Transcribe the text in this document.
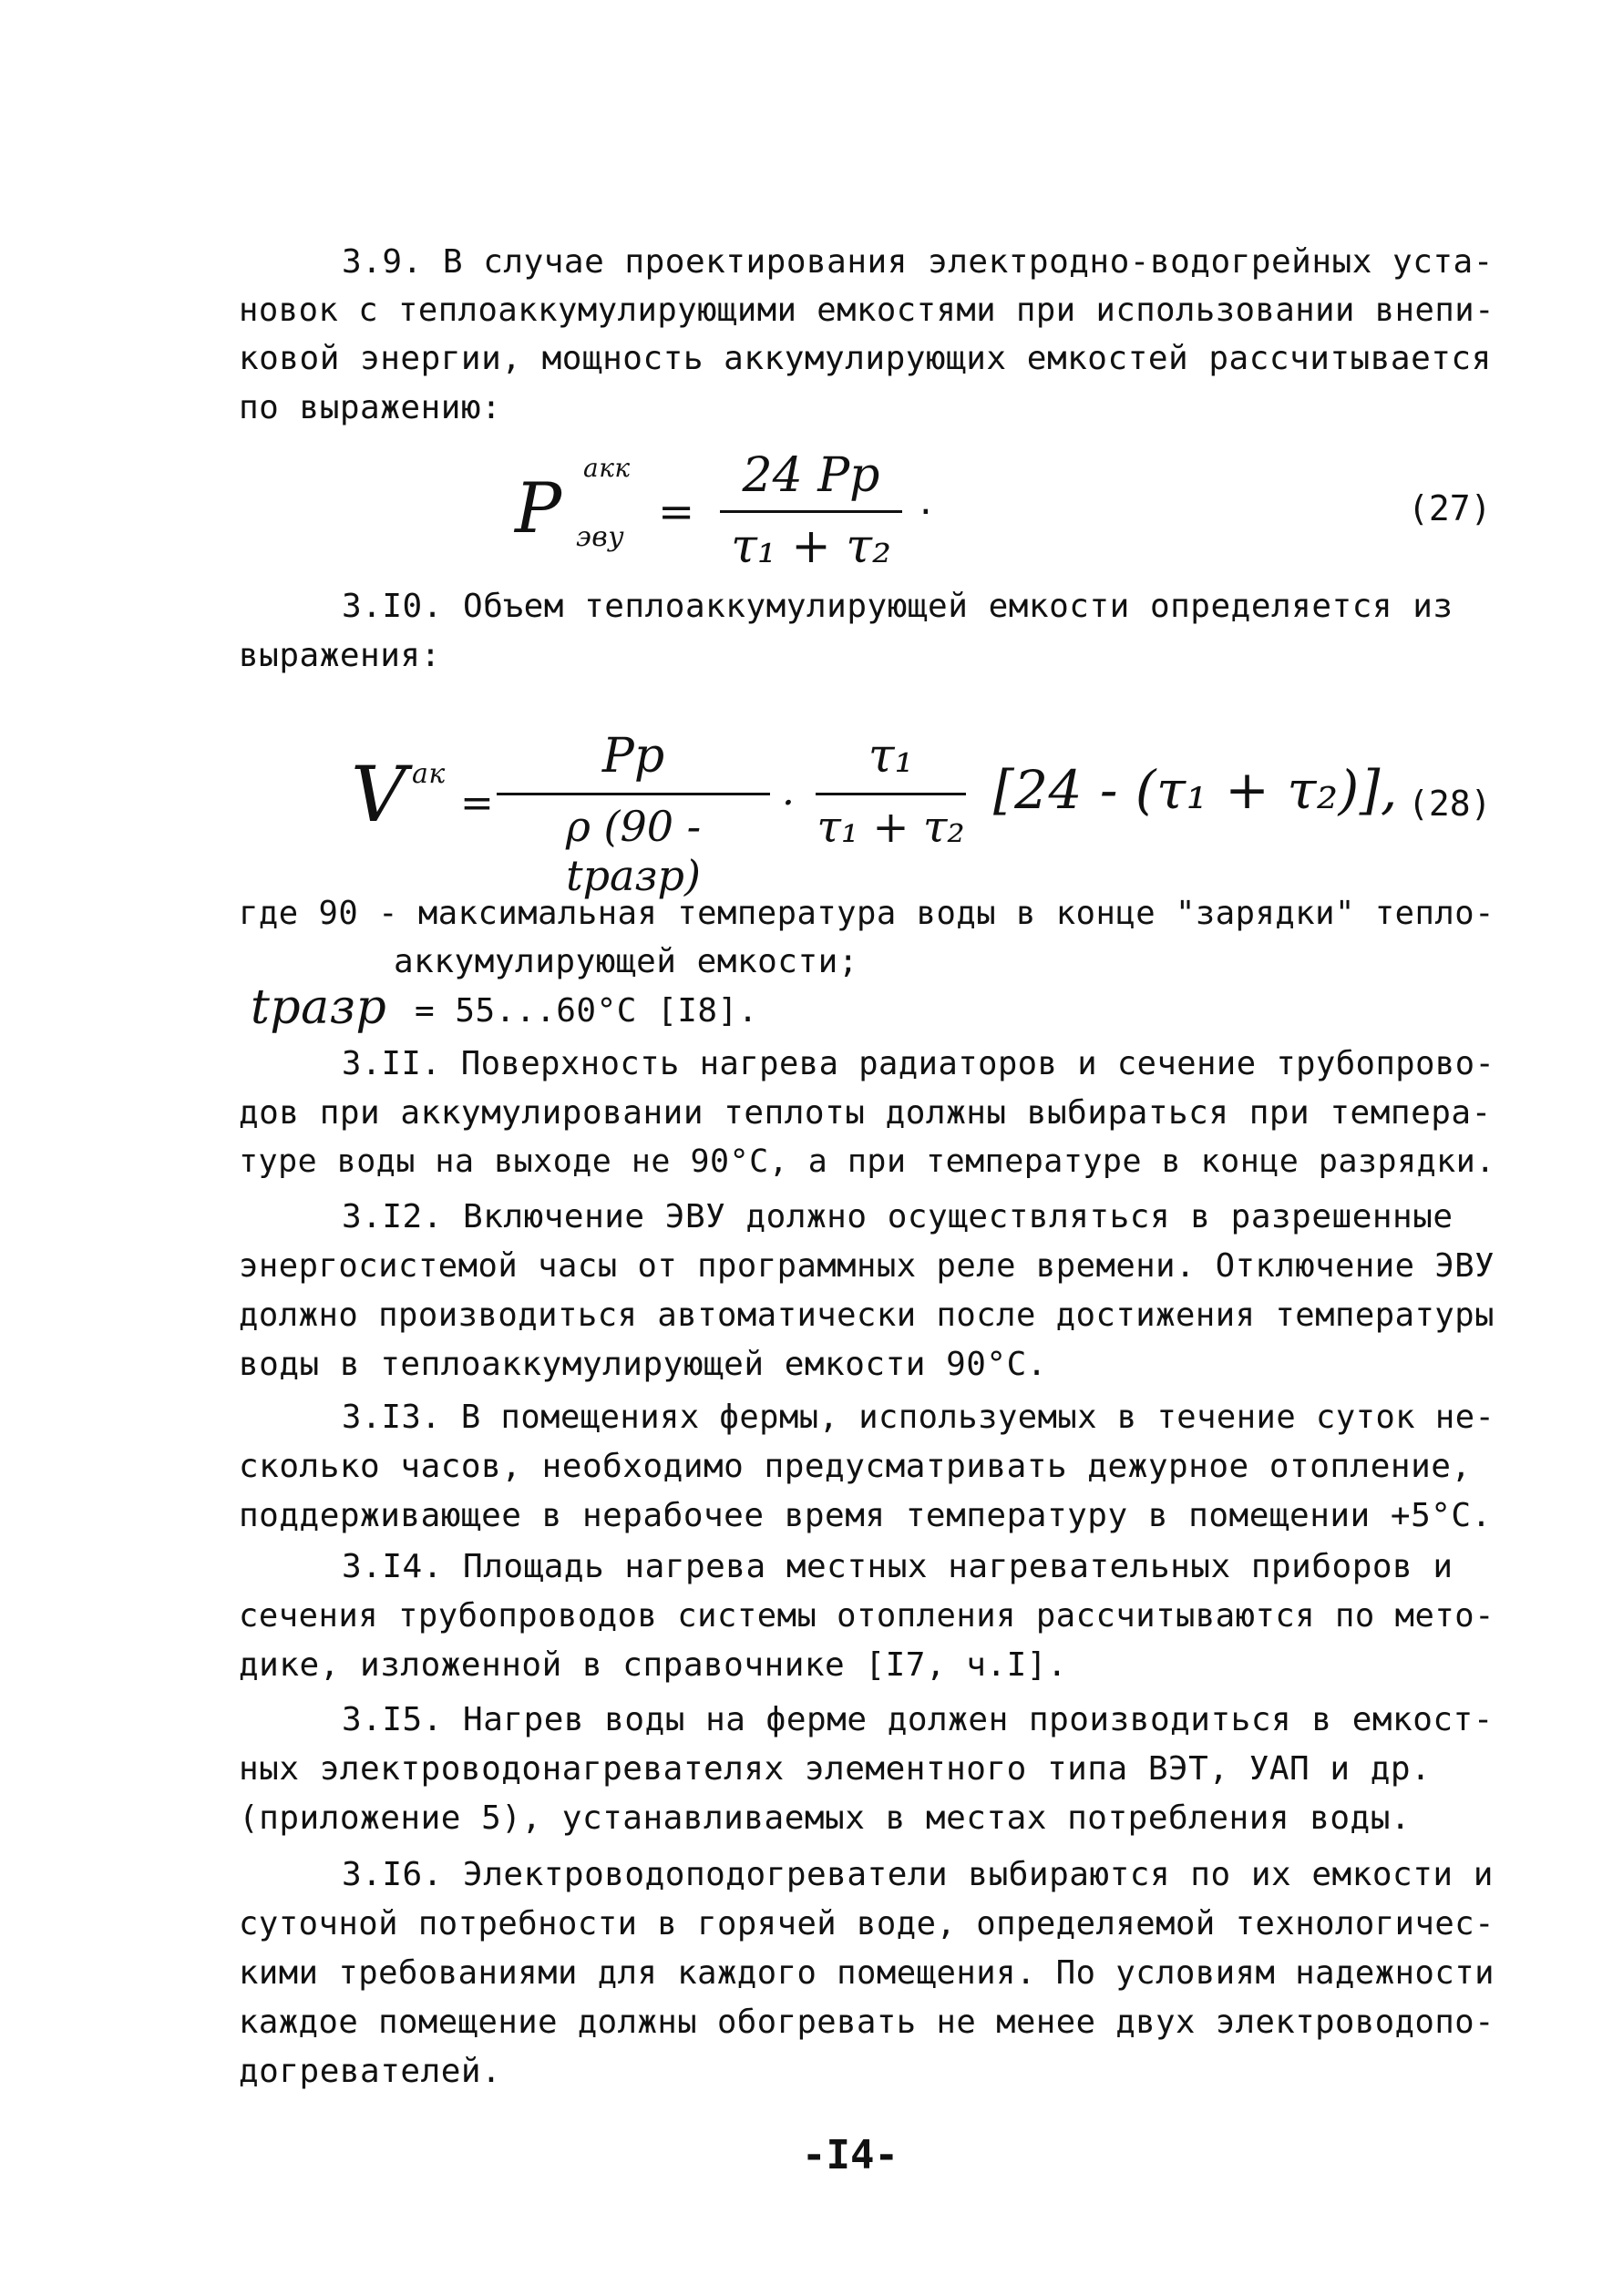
3.9. В случае проектирования электродно-водогрейных уста-
новок с теплоаккумулирующими емкостями при использовании внепи-
ковой энергии, мощность аккумулирующих емкостей рассчитывается
по выражению:
P акк
эву =
24 Pр
τ₁ + τ₂
.	(27)
3.I0. Объем теплоаккумулирующей емкости определяется из
выражения:
V ак
=
Pр
ρ (90 - tразр)
·
τ₁
τ₁ + τ₂
[24 - (τ₁ + τ₂)], (28)
где 90 - максимальная температура воды в конце "зарядки" тепло-
аккумулирующей емкости;
tразр = 55...60°С [I8].
3.II. Поверхность нагрева радиаторов и сечение трубопрово-
дов при аккумулировании теплоты должны выбираться при темпера-
туре воды на выходе не 90°С, а при температуре в конце разрядки.
3.I2. Включение ЭВУ должно осуществляться в разрешенные
энергосистемой часы от программных реле времени. Отключение ЭВУ
должно производиться автоматически после достижения температуры
воды в теплоаккумулирующей емкости 90°С.
3.I3. В помещениях фермы, используемых в течение суток не-
сколько часов, необходимо предусматривать дежурное отопление,
поддерживающее в нерабочее время температуру в помещении +5°С.
3.I4. Площадь нагрева местных нагревательных приборов и
сечения трубопроводов системы отопления рассчитываются по мето-
дике, изложенной в справочнике [I7, ч.I].
3.I5. Нагрев воды на ферме должен производиться в емкост-
ных электроводонагревателях элементного типа ВЭТ, УАП и др.
(приложение 5), устанавливаемых в местах потребления воды.
3.I6. Электроводоподогреватели выбираются по их емкости и
суточной потребности в горячей воде, определяемой технологичес-
кими требованиями для каждого помещения. По условиям надежности
каждое помещение должны обогревать не менее двух электроводопо-
догревателей.
-I4-
